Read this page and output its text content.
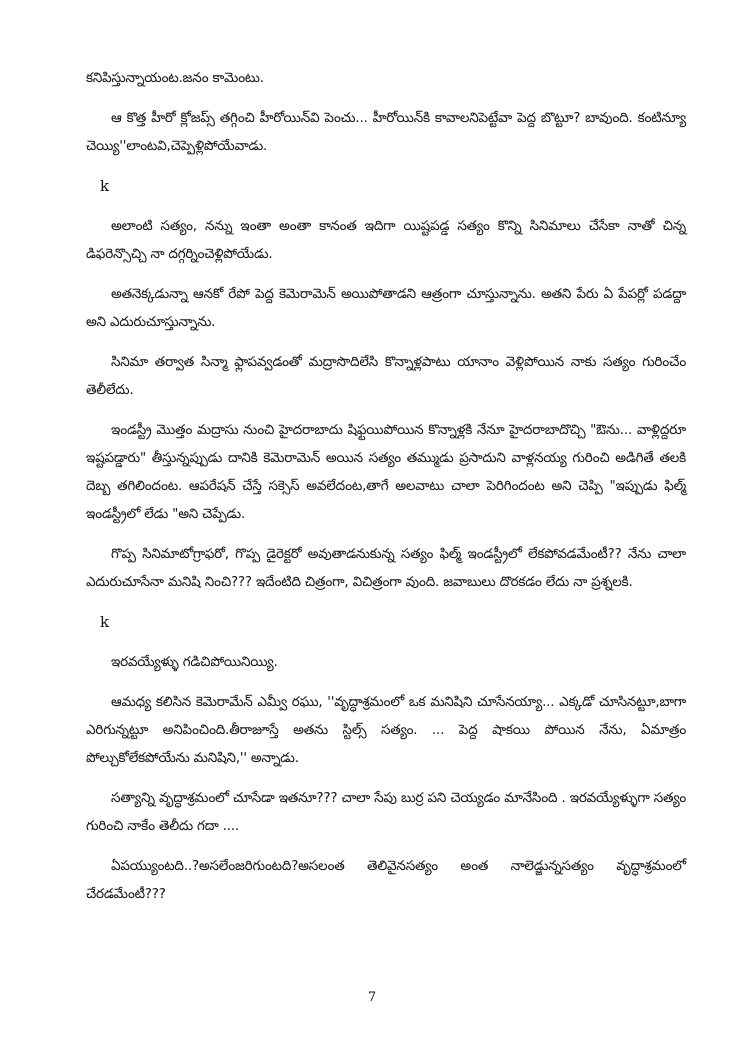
కనిపిస్తున్నాయంట.జనం కామెంటు.

ఆ కొత్త హీరో క్లోజప్స్ తగ్గించి హీరోయిన్‌వి పెంచు... హీరోయిన్‌కి కావాలనిపెట్టేవా పెద్ద బొట్టూ? బావుంది. కంటిన్యూ చెయ్యి''లాంటవి,చెప్పెళ్లిపోయేవాడు.

k

అలాంటి సత్యం, నన్ను ఇంతా అంతా కానంత ఇదిగా యిష్టపడ్డ సత్యం కొన్ని సినిమాలు చేసేకా నాతో చిన్న డిఫరెన్సొచ్చి నా దగ్గర్నించెళ్లిపోయేడు.

అతనెక్కడున్నా ఆనకో రేపో పెద్ద కెమెరామెన్ అయిపోతాడని ఆత్రంగా చూస్తున్నాను. అతని పేరు ఏ పేపర్లో పడద్దా అని ఎదురుచూస్తున్నాను.

సినిమా తర్వాత సిన్మా ఫ్లాపవ్వడంతో మద్రాసొదిలేసి కొన్నాళ్లపాటు యానాం వెళ్లిపోయిన నాకు సత్యం గురించేం తెలీలేదు.

ఇండస్ట్రీ మొత్తం మద్రాసు నుంచి హైదరాబాదు షిఫ్టయిపోయిన కొన్నాళ్లకి నేనూ హైదరాబాదొచ్చి "ఔను... వాళ్లిద్దరూ ఇష్టపడ్డారు" తీస్తున్నప్పుడు దానికి కెమెరామెన్ అయిన సత్యం తమ్ముడు ప్రసాదుని వాళ్లనయ్య గురించి అడిగితే తలకి దెబ్బ తగిలిందంట. ఆపరేషన్ చేస్తే సక్సెస్ అవలేదంట,తాగే అలవాటు చాలా పెరిగిందంట అని చెప్పి "ఇప్పుడు ఫిల్మ్ ఇండస్ట్రీలో లేడు "అని చెప్పేడు.

గొప్ప సినిమాటోగ్రాఫరో, గొప్ప డైరెక్టరో అవుతాడనుకున్న సత్యం ఫిల్మ్ ఇండస్ట్రీలో లేకపోవడమేంటీ?? నేను చాలా ఎదురుచూసేనా మనిషి నించి??? ఇదేంటిది చిత్రంగా, విచిత్రంగా వుంది. జవాబులు దొరకడం లేదు నా ప్రశ్నలకి.

k

ఇరవయ్యేళ్ళు గడిచిపోయినియ్యి.

ఆమధ్య కలిసిన కెమెరామేన్ ఎమ్వీ రఘు, ''వృద్ధాశ్రమంలో ఒక మనిషిని చూసేనయ్యా... ఎక్కడో చూసినట్టూ,బాగా ఎరిగున్నట్టూ అనిపించింది.తీరాజూస్తే అతను స్టిల్స్ సత్యం. ... పెద్ద షాకయి పోయిన నేను, ఏమాత్రం పోల్చుకోలేకపోయేను మనిషిని,'' అన్నాడు.

సత్యాన్ని వృద్ధాశ్రమంలో చూసేడా ఇతనూ??? చాలా సేపు బుర్ర పని చెయ్యడం మానేసింది . ఇరవయ్యేళ్ళుగా సత్యం గురించి నాకేం తెలీదు గదా ....

ఏపయ్యుంటది..?అసలేంజరిగుంటది?అసలంత తెలివైనసత్యం అంత నాలెడ్జున్నసత్యం వృద్ధాశ్రమంలో చేరడమేంటీ???

7
